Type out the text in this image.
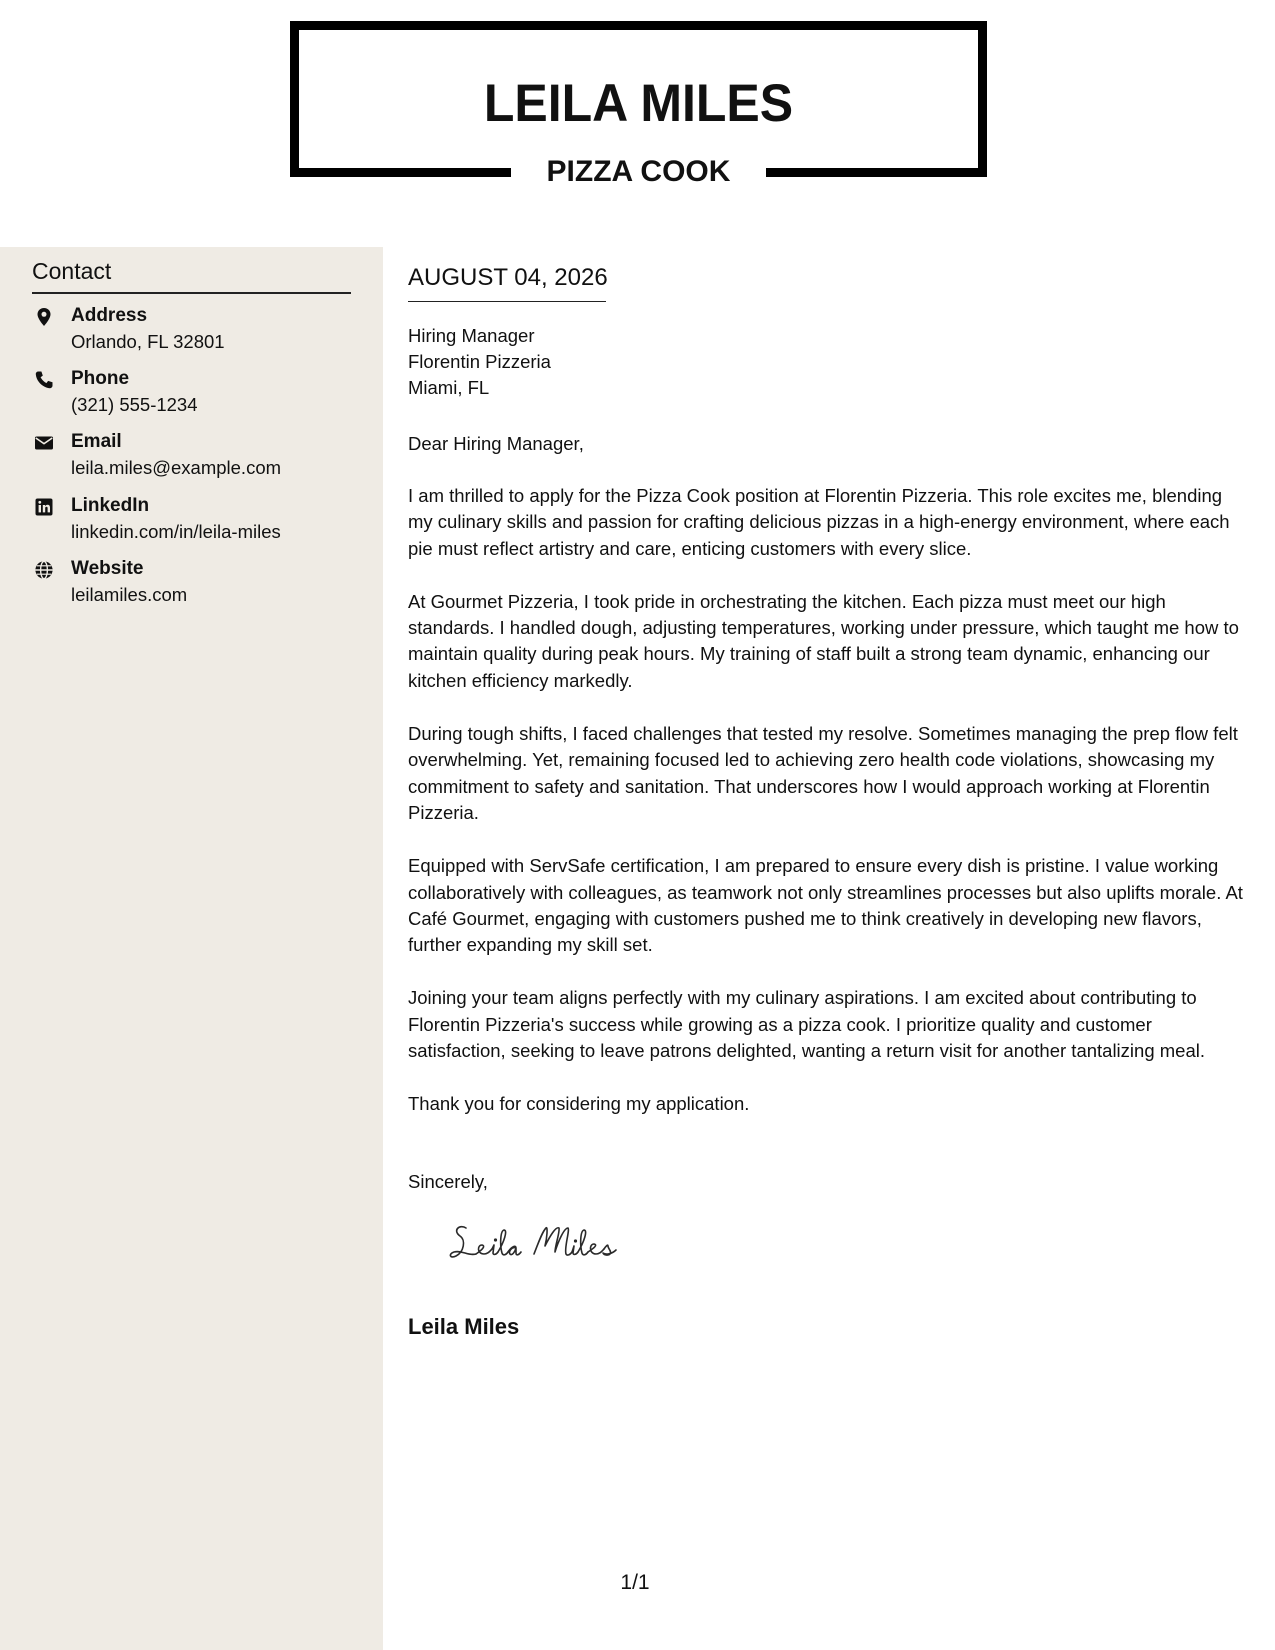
LEILA MILES
PIZZA COOK
Contact
Address
Orlando, FL 32801
Phone
(321) 555-1234
Email
leila.miles@example.com
LinkedIn
linkedin.com/in/leila-miles
Website
leilamiles.com
AUGUST 04, 2026
Hiring Manager
Florentin Pizzeria
Miami, FL
Dear Hiring Manager,

I am thrilled to apply for the Pizza Cook position at Florentin Pizzeria. This role excites me, blending my culinary skills and passion for crafting delicious pizzas in a high-energy environment, where each pie must reflect artistry and care, enticing customers with every slice.

At Gourmet Pizzeria, I took pride in orchestrating the kitchen. Each pizza must meet our high standards. I handled dough, adjusting temperatures, working under pressure, which taught me how to maintain quality during peak hours. My training of staff built a strong team dynamic, enhancing our kitchen efficiency markedly.

During tough shifts, I faced challenges that tested my resolve. Sometimes managing the prep flow felt overwhelming. Yet, remaining focused led to achieving zero health code violations, showcasing my commitment to safety and sanitation. That underscores how I would approach working at Florentin Pizzeria.

Equipped with ServSafe certification, I am prepared to ensure every dish is pristine. I value working collaboratively with colleagues, as teamwork not only streamlines processes but also uplifts morale. At Café Gourmet, engaging with customers pushed me to think creatively in developing new flavors, further expanding my skill set.

Joining your team aligns perfectly with my culinary aspirations. I am excited about contributing to Florentin Pizzeria's success while growing as a pizza cook. I prioritize quality and customer satisfaction, seeking to leave patrons delighted, wanting a return visit for another tantalizing meal.

Thank you for considering my application.

Sincerely,
Leila Miles
1/1
